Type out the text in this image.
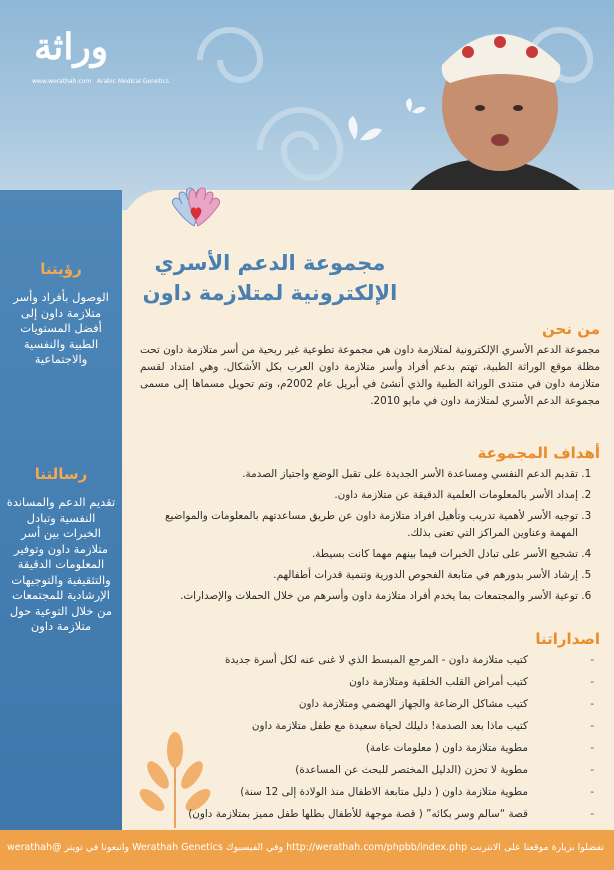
وراثة
www.werathah.com Arabic Medical Genetics
مجموعة الدعم الأسري
الإلكترونية لمتلازمة داون
رؤيتنا
الوصول بأفراد وأسر متلازمة داون إلى أفضل المستويات الطبية والنفسية والاجتماعية
رسالتنا
تقديم الدعم والمساندة النفسية وتبادل الخبرات بين أسر متلازمة داون وتوفير المعلومات الدقيقة والتثقيفية والتوجيهات الإرشادية للمجتمعات من خلال التوعية حول متلازمة داون
من نحن
مجموعة الدعم الأسري الإلكترونية لمتلازمة داون هي مجموعة تطوعية غير ربحية من أسر متلازمة داون تحت مظلة موقع الوراثة الطبية، تهتم بدعم أفراد وأسر متلازمة داون العرب بكل الأشكال. وهي امتداد لقسم متلازمة داون في منتدى الوراثة الطبية والذي أنشئ في أبريل عام 2002م، وتم تحويل مسماها إلى مسمى مجموعة الدعم الأسري لمتلازمة داون في مايو 2010.
أهداف المجموعة
1. تقديم الدعم النفسي ومساعدة الأسر الجديدة على تقبل الوضع واجتياز الصدمة.
2. إمداد الأسر بالمعلومات العلمية الدقيقة عن متلازمة داون.
3. توجيه الأسر لأهمية تدريب وتأهيل افراد متلازمة داون عن طريق مساعدتهم بالمعلومات والمواضيع المهمة وعناوين المراكز التي تعنى بذلك.
4. تشجيع الأسر على تبادل الخبرات فيما بينهم مهما كانت بسيطة.
5. إرشاد الأسر بدورهم في متابعة الفحوص الدورية وتنمية قدرات أطفالهم.
6. توعية الأسر والمجتمعات بما يخدم أفراد متلازمة داون وأسرهم من خلال الحملات والإصدارات.
اصداراتنا
- كتيب متلازمة داون - المرجع المبسط الذي لا غنى عنه لكل أسرة جديدة
- كتيب أمراض القلب الخلقية ومتلازمة داون
- كتيب مشاكل الرضاعة والجهاز الهضمي ومتلازمة داون
- كتيب ماذا بعد الصدمة! دليلك لحياة سعيدة مع طفل متلازمة داون
- مطوية متلازمة داون ( معلومات عامة)
- مطوية لا تحزن (الدليل المختصر للبحث عن المساعدة)
- مطوية متلازمة داون ( دليل متابعة الاطفال منذ الولادة إلى 12 سنة)
- قصة “سالم وسر بكائه” ( قصة موجهة للأطفال بطلها طفل مميز بمتلازمة داون)
تفضلوا بزيارة موقعنا على الانترنت http://werathah.com/phpbb/index.php وفي الفيسبوك Werathah Genetics واتبعونا في تويتر @werathah
